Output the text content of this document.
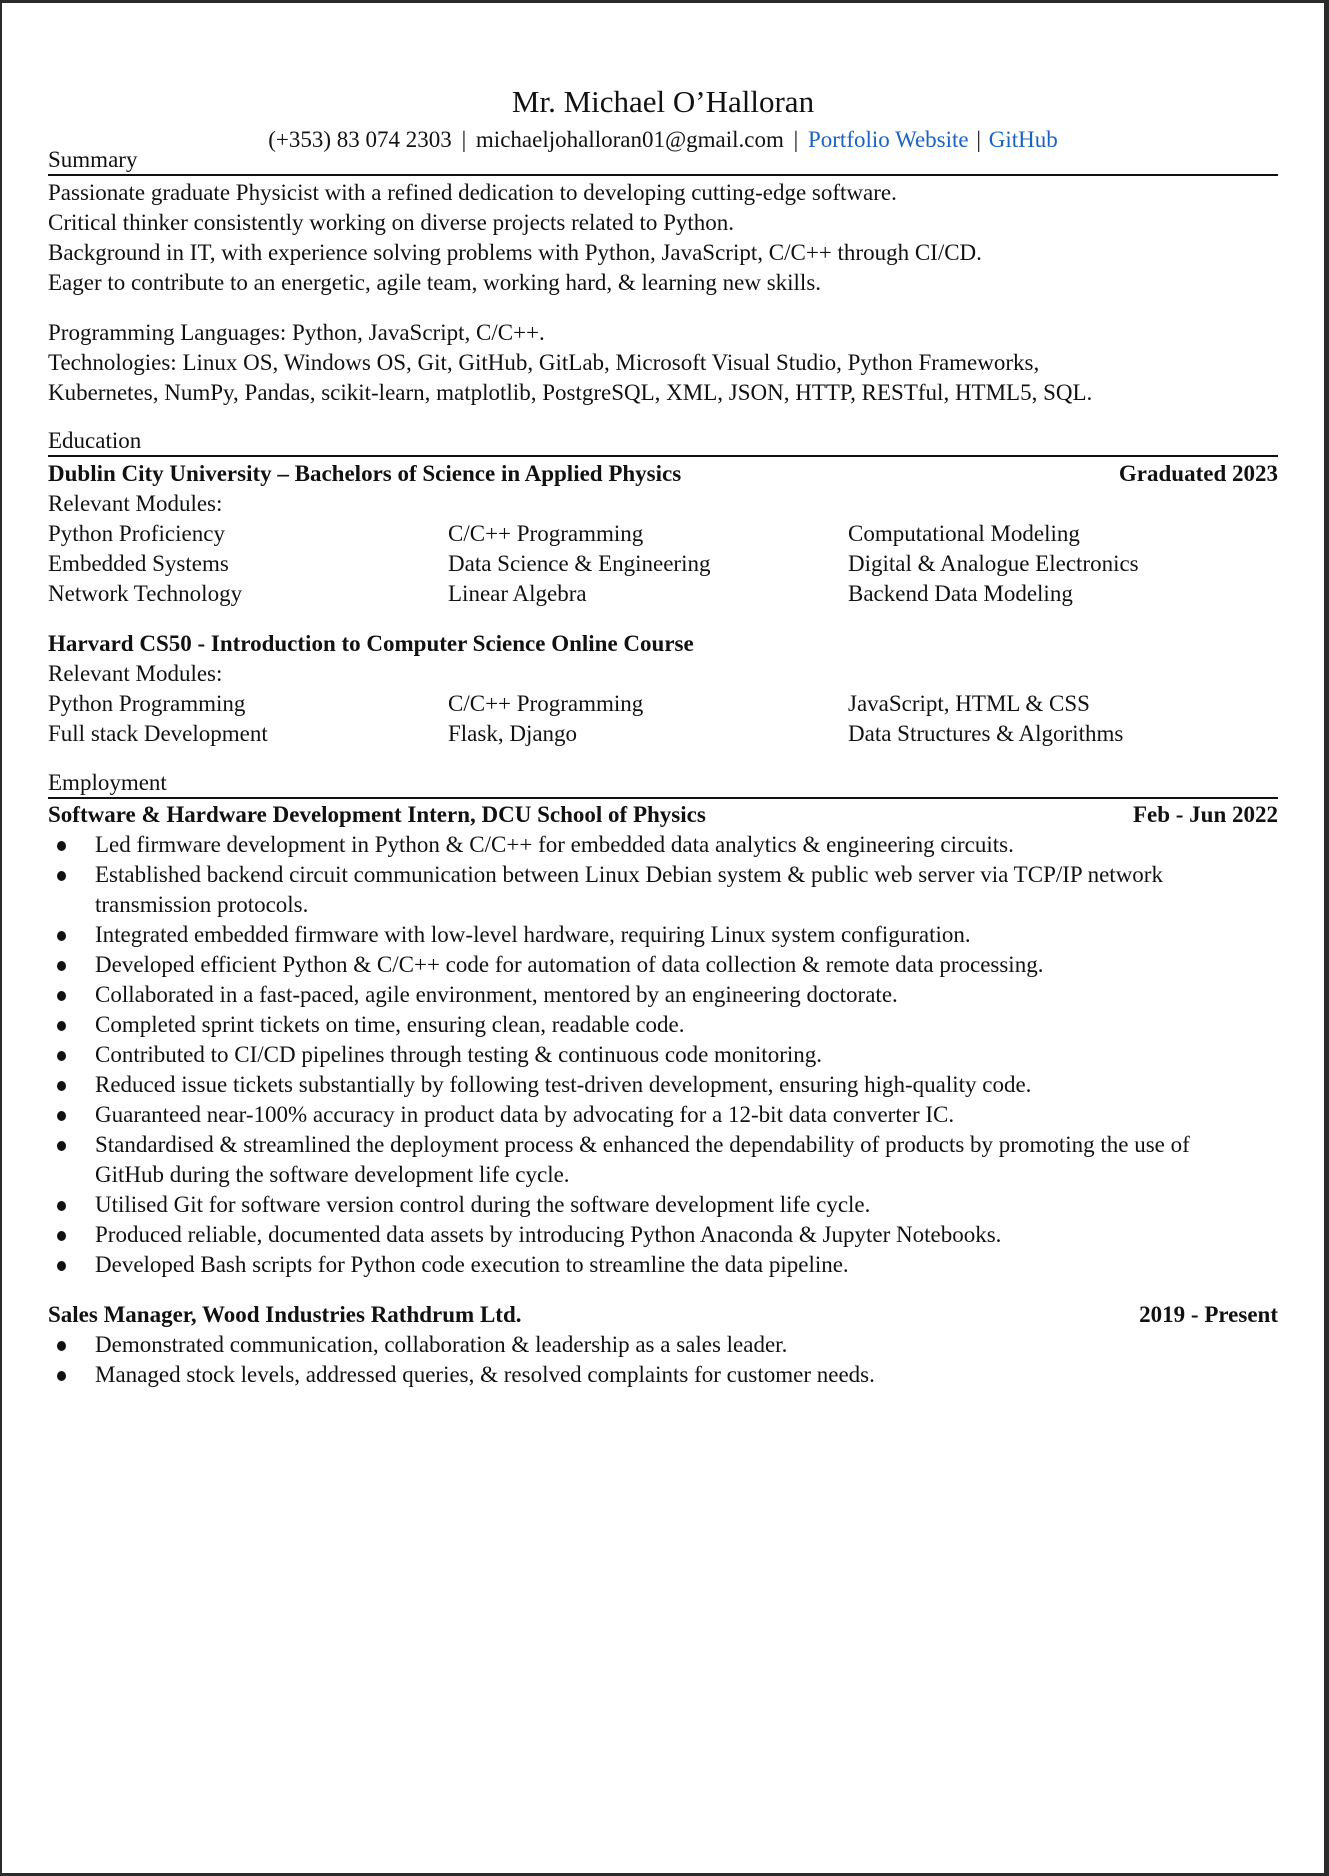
Mr. Michael O’Halloran
(+353) 83 074 2303 | michaeljohalloran01@gmail.com | Portfolio Website | GitHub
Summary
Passionate graduate Physicist with a refined dedication to developing cutting-edge software.
Critical thinker consistently working on diverse projects related to Python.
Background in IT, with experience solving problems with Python, JavaScript, C/C++ through CI/CD.
Eager to contribute to an energetic, agile team, working hard, & learning new skills.
Programming Languages: Python, JavaScript, C/C++.
Technologies: Linux OS, Windows OS, Git, GitHub, GitLab, Microsoft Visual Studio, Python Frameworks,
Kubernetes, NumPy, Pandas, scikit-learn, matplotlib, PostgreSQL, XML, JSON, HTTP, RESTful, HTML5, SQL.
Education
Dublin City University – Bachelors of Science in Applied Physics	Graduated 2023
Relevant Modules:
Python Proficiency	C/C++ Programming	Computational Modeling
Embedded Systems	Data Science & Engineering	Digital & Analogue Electronics
Network Technology	Linear Algebra	Backend Data Modeling
Harvard CS50 - Introduction to Computer Science Online Course
Relevant Modules:
Python Programming	C/C++ Programming	JavaScript, HTML & CSS
Full stack Development	Flask, Django	Data Structures & Algorithms
Employment
Software & Hardware Development Intern, DCU School of Physics	Feb - Jun 2022
Led firmware development in Python & C/C++ for embedded data analytics & engineering circuits.
Established backend circuit communication between Linux Debian system & public web server via TCP/IP network transmission protocols.
Integrated embedded firmware with low-level hardware, requiring Linux system configuration.
Developed efficient Python & C/C++ code for automation of data collection & remote data processing.
Collaborated in a fast-paced, agile environment, mentored by an engineering doctorate.
Completed sprint tickets on time, ensuring clean, readable code.
Contributed to CI/CD pipelines through testing & continuous code monitoring.
Reduced issue tickets substantially by following test-driven development, ensuring high-quality code.
Guaranteed near-100% accuracy in product data by advocating for a 12-bit data converter IC.
Standardised & streamlined the deployment process & enhanced the dependability of products by promoting the use of GitHub during the software development life cycle.
Utilised Git for software version control during the software development life cycle.
Produced reliable, documented data assets by introducing Python Anaconda & Jupyter Notebooks.
Developed Bash scripts for Python code execution to streamline the data pipeline.
Sales Manager, Wood Industries Rathdrum Ltd.	2019 - Present
Demonstrated communication, collaboration & leadership as a sales leader.
Managed stock levels, addressed queries, & resolved complaints for customer needs.
